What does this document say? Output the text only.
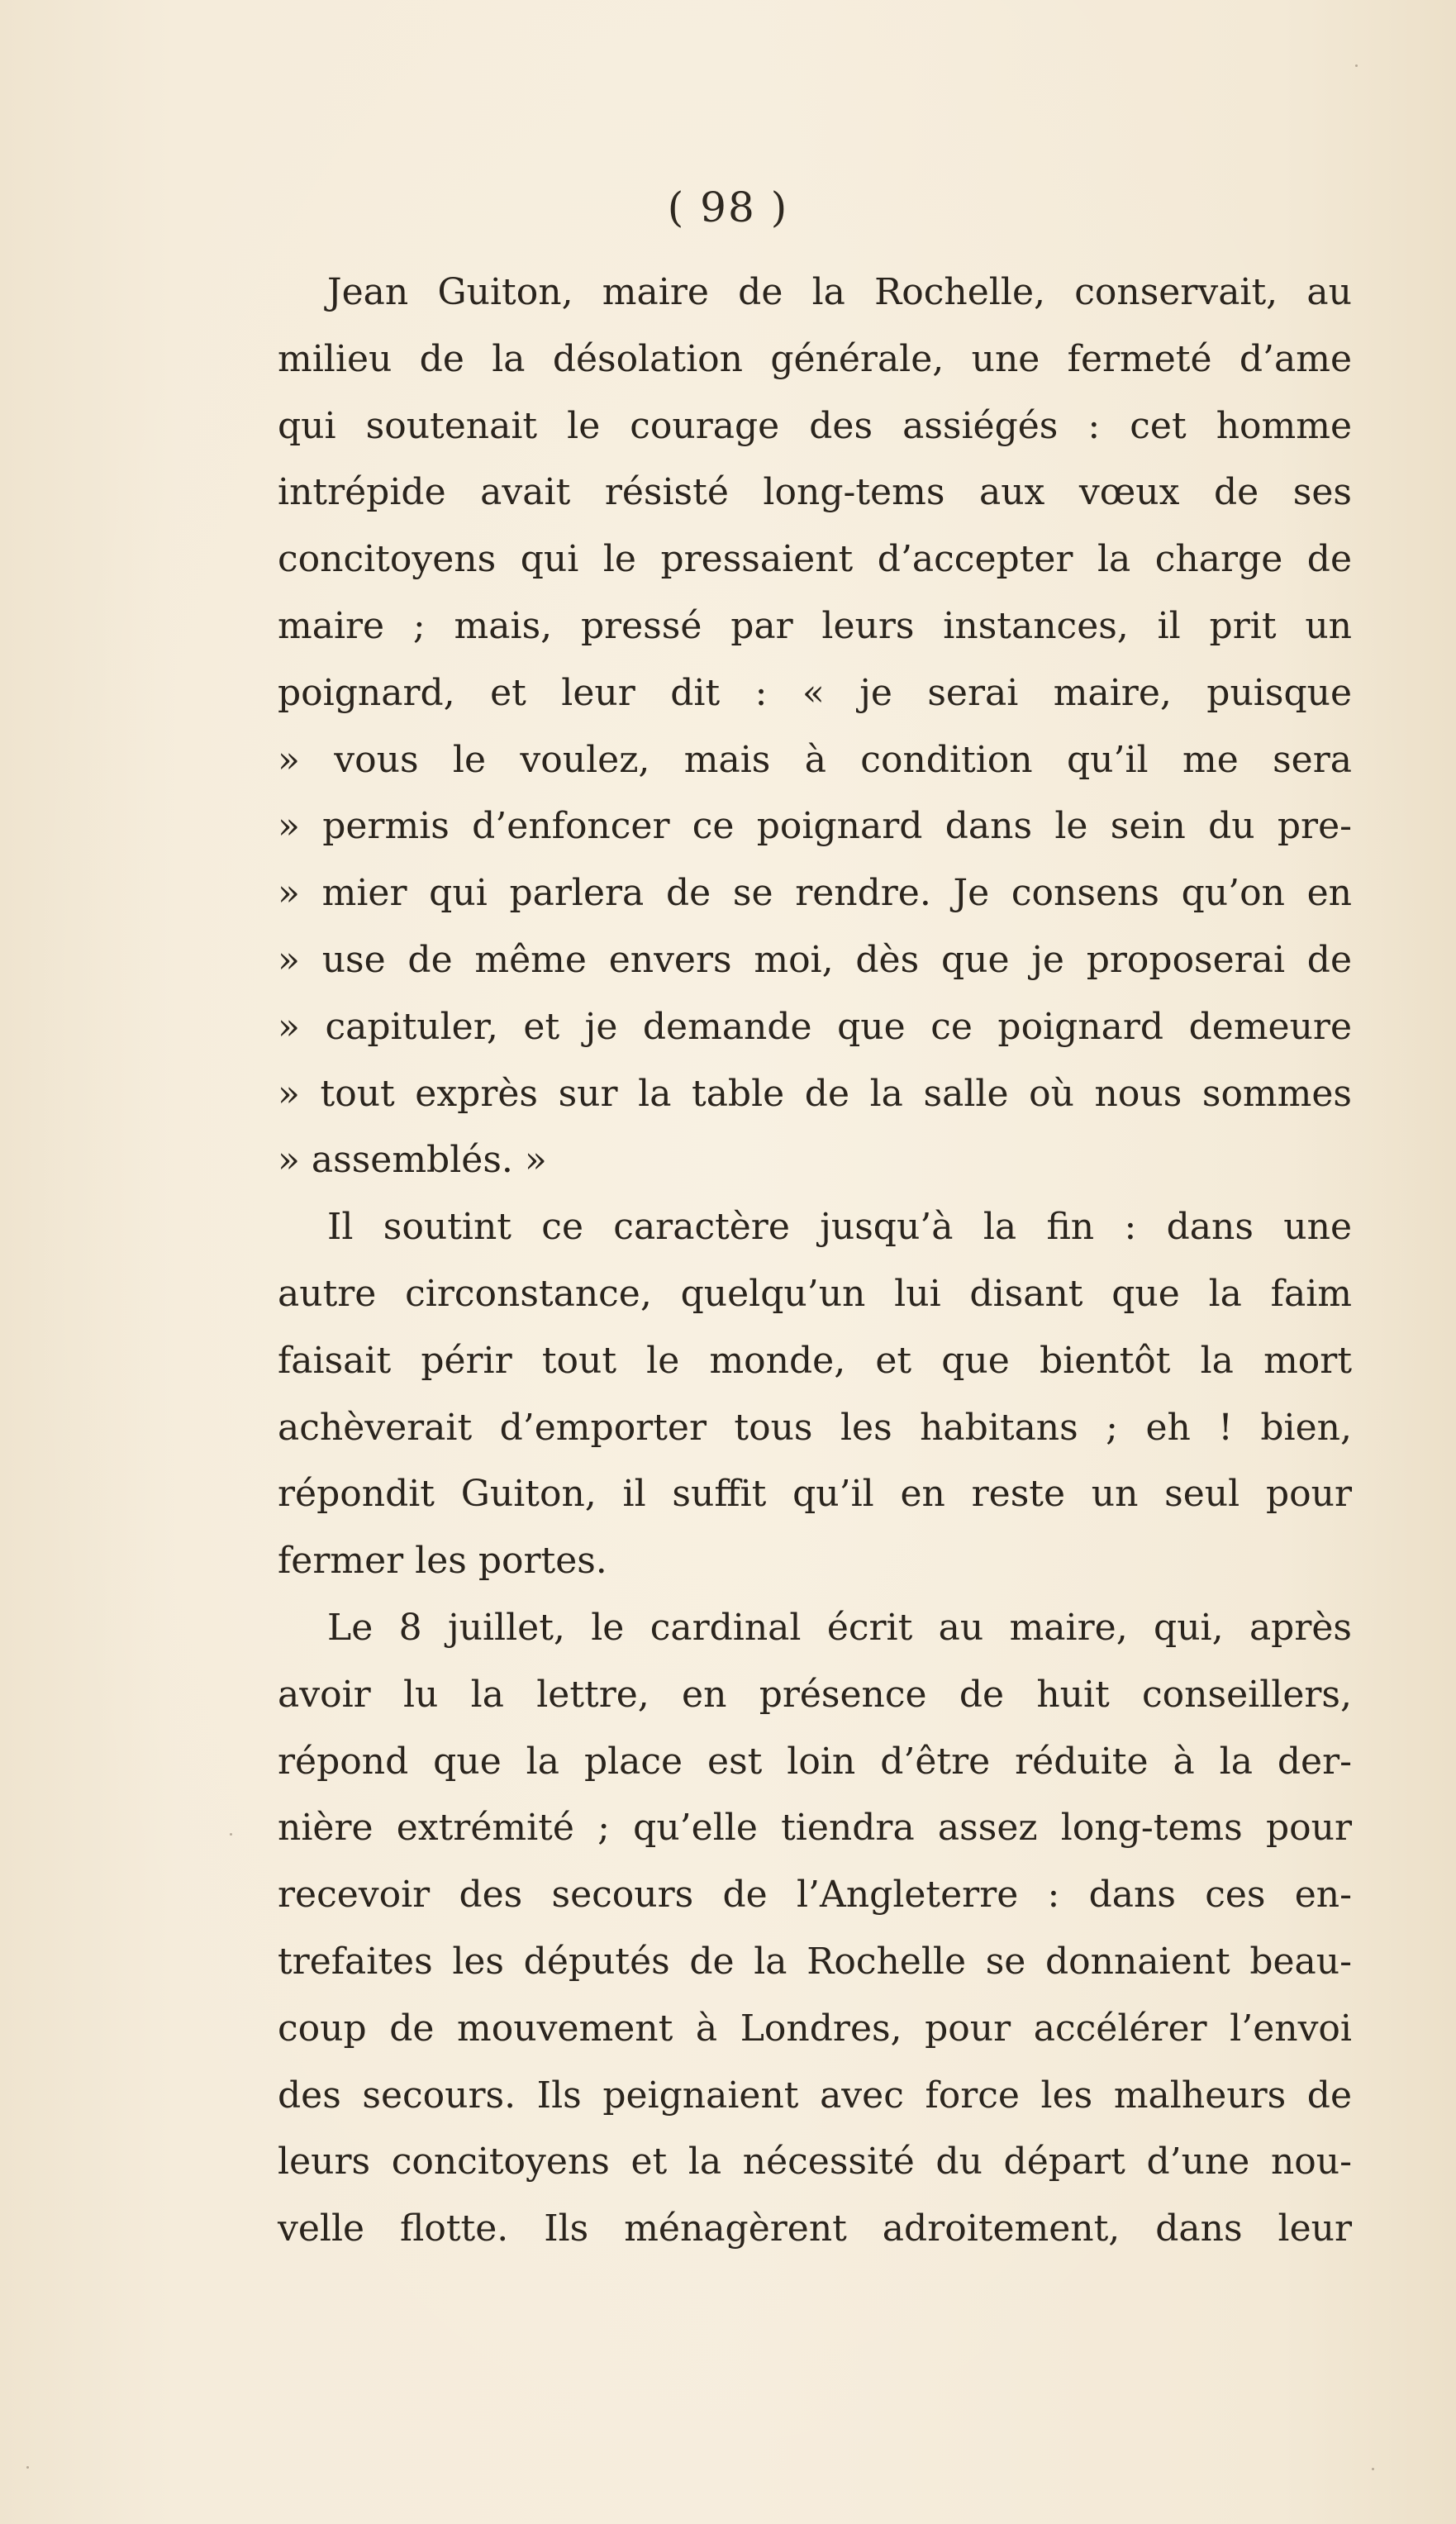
( 98 )
Jean Guiton, maire de la Rochelle, conservait, au
milieu de la désolation générale, une fermeté d’ame
qui soutenait le courage des assiégés : cet homme
intrépide avait résisté long-tems aux vœux de ses
concitoyens qui le pressaient d’accepter la charge de
maire ; mais, pressé par leurs instances, il prit un
poignard, et leur dit : « je serai maire, puisque
» vous le voulez, mais à condition qu’il me sera
» permis d’enfoncer ce poignard dans le sein du pre-
» mier qui parlera de se rendre. Je consens qu’on en
» use de même envers moi, dès que je proposerai de
» capituler, et je demande que ce poignard demeure
» tout exprès sur la table de la salle où nous sommes
» assemblés. »
Il soutint ce caractère jusqu’à la fin : dans une
autre circonstance, quelqu’un lui disant que la faim
faisait périr tout le monde, et que bientôt la mort
achèverait d’emporter tous les habitans ; eh ! bien,
répondit Guiton, il suffit qu’il en reste un seul pour
fermer les portes.
Le 8 juillet, le cardinal écrit au maire, qui, après
avoir lu la lettre, en présence de huit conseillers,
répond que la place est loin d’être réduite à la der-
nière extrémité ; qu’elle tiendra assez long-tems pour
recevoir des secours de l’Angleterre : dans ces en-
trefaites les députés de la Rochelle se donnaient beau-
coup de mouvement à Londres, pour accélérer l’envoi
des secours. Ils peignaient avec force les malheurs de
leurs concitoyens et la nécessité du départ d’une nou-
velle flotte. Ils ménagèrent adroitement, dans leur
